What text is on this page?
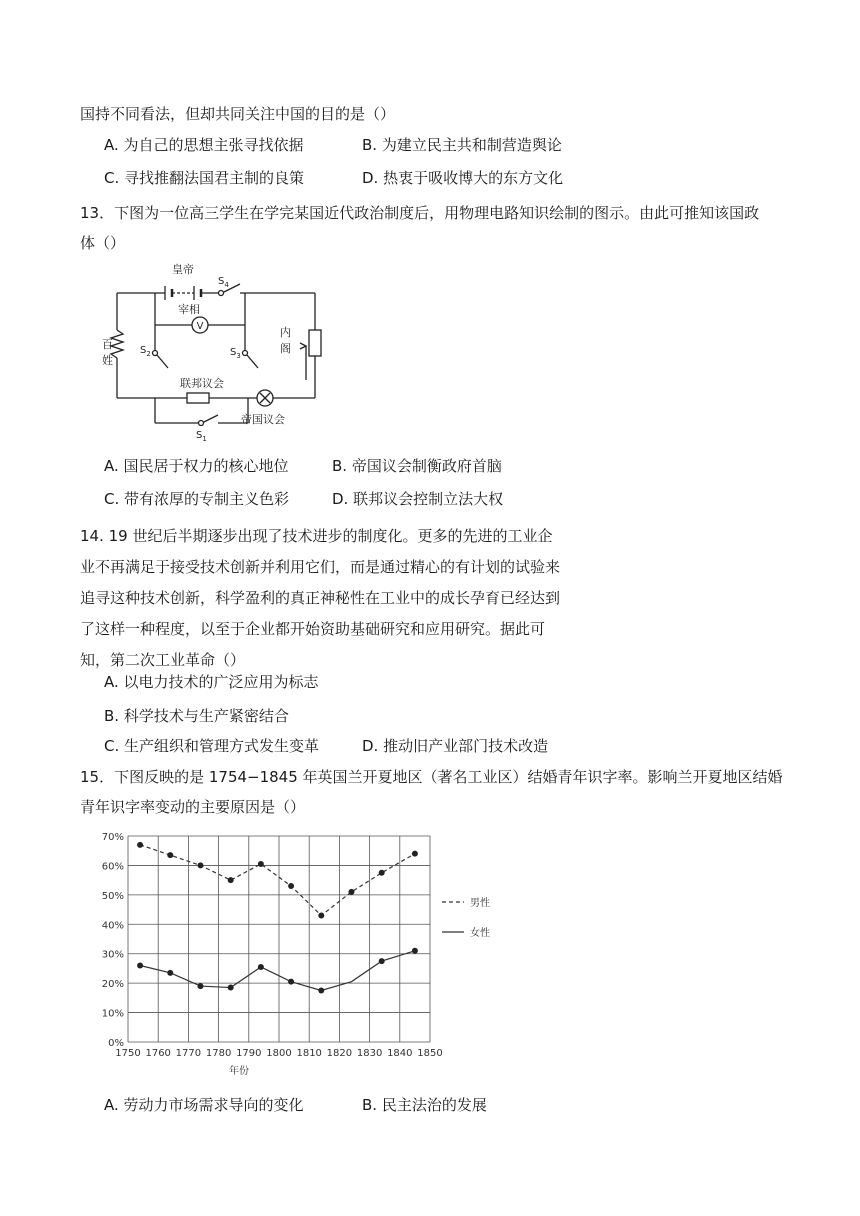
国持不同看法，但却共同关注中国的目的是（）
A. 为自己的思想主张寻找依据	B. 为建立民主共和制营造舆论
C. 寻找推翻法国君主制的良策	D. 热衷于吸收博大的东方文化
13．下图为一位高三学生在学完某国近代政治制度后，用物理电路知识绘制的图示。由此可推知该国政
体（）
V
皇帝
宰相
$S_4$
$S_2$	$S_3$
$S_1$
联邦议会
帝国议会
内
阁
百
姓
A. 国民居于权力的核心地位	B. 帝国议会制衡政府首脑
C. 带有浓厚的专制主义色彩	D. 联邦议会控制立法大权
14. 19 世纪后半期逐步出现了技术进步的制度化。更多的先进的工业企业不再满足于接受技术创新并利用它们，而是通过精心的有计划的试验来追寻这种技术创新，科学盈利的真正神秘性在工业中的成长孕育已经达到了这样一种程度，以至于企业都开始资助基础研究和应用研究。据此可知，第二次工业革命（）
A. 以电力技术的广泛应用为标志
B. 科学技术与生产紧密结合
C. 生产组织和管理方式发生变革	D. 推动旧产业部门技术改造
15．下图反映的是 1754−1845 年英国兰开夏地区（著名工业区）结婚青年识字率。影响兰开夏地区结婚
青年识字率变动的主要原因是（）
1750 1760 1770 1780 1790 1800 1810 1820 1830 1840 1850
0%
10%
20%
30%
40%
50%
60%
70%
年份
男性
女性
A. 劳动力市场需求导向的变化	B. 民主法治的发展
